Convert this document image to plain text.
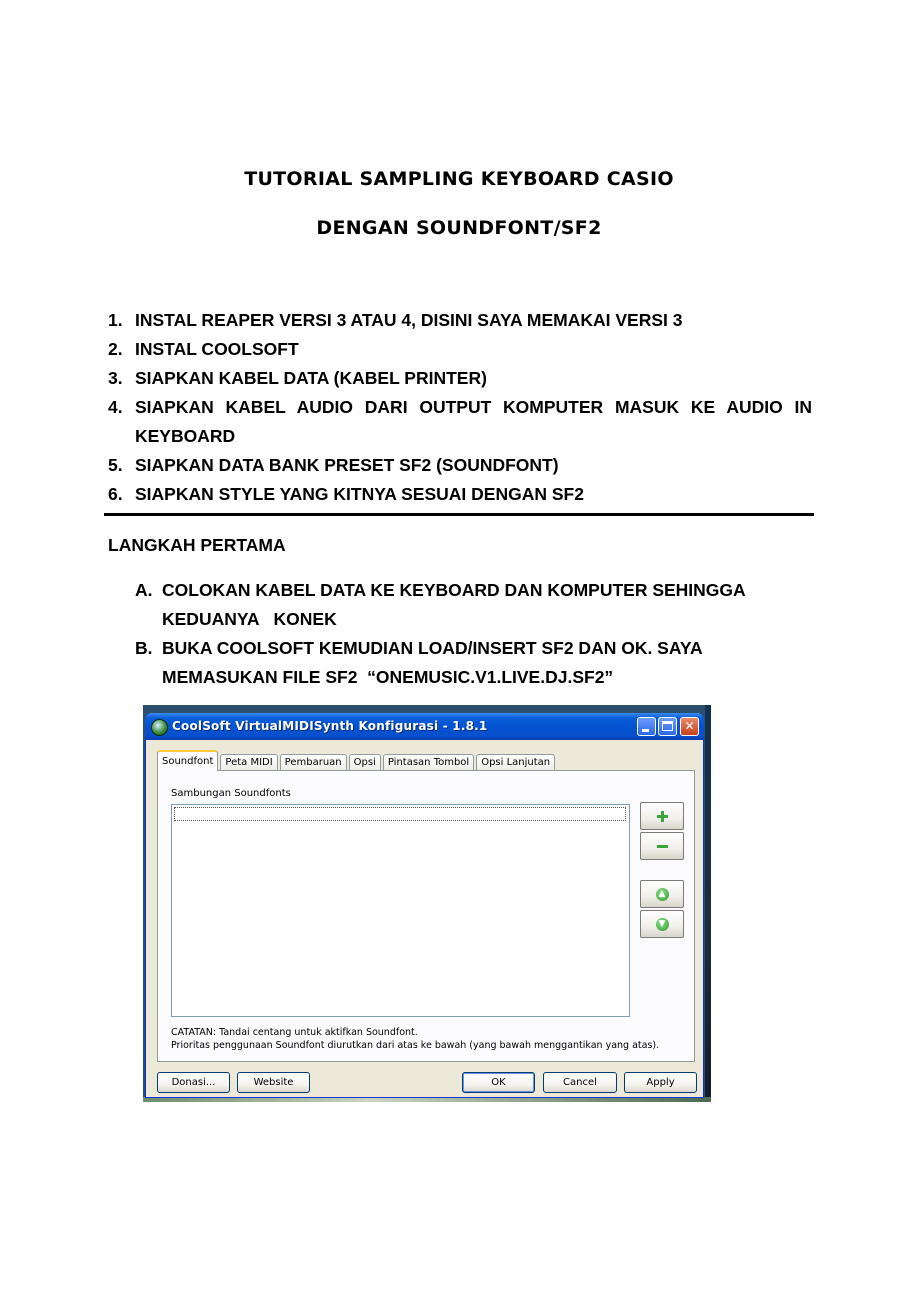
TUTORIAL SAMPLING KEYBOARD CASIO
DENGAN SOUNDFONT/SF2
1. INSTAL REAPER VERSI 3 ATAU 4, DISINI SAYA MEMAKAI VERSI 3
2. INSTAL COOLSOFT
3. SIAPKAN KABEL DATA (KABEL PRINTER)
4. SIAPKAN KABEL AUDIO DARI OUTPUT KOMPUTER MASUK KE AUDIO IN
KEYBOARD
5. SIAPKAN DATA BANK PRESET SF2 (SOUNDFONT)
6. SIAPKAN STYLE YANG KITNYA SESUAI DENGAN SF2
LANGKAH PERTAMA
A. COLOKAN KABEL DATA KE KEYBOARD DAN KOMPUTER SEHINGGA
KEDUANYA   KONEK
B. BUKA COOLSOFT KEMUDIAN LOAD/INSERT SF2 DAN OK. SAYA
MEMASUKAN FILE SF2  “ONEMUSIC.V1.LIVE.DJ.SF2”
CoolSoft VirtualMIDISynth Konfigurasi - 1.8.1	✕
Soundfont	Peta MIDI	Pembaruan	Opsi	Pintasan Tombol	Opsi Lanjutan
Sambungan Soundfonts
▲
▼
CATATAN: Tandai centang untuk aktifkan Soundfont.
Prioritas penggunaan Soundfont diurutkan dari atas ke bawah (yang bawah menggantikan yang atas).
Donasi...	Website	OK	Cancel	Apply
